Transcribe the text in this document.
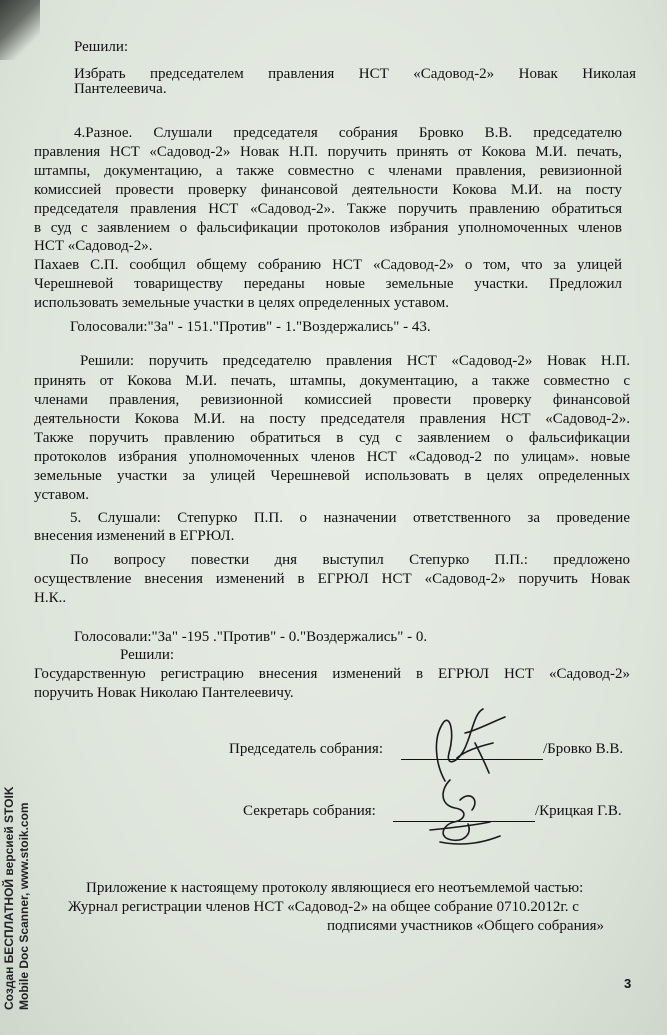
Решили:
Избрать председателем правления НСТ «Садовод-2» Новак Николая
Пантелеевича.
4.Разное. Слушали председателя собрания Бровко В.В. председателю
правления НСТ «Садовод-2» Новак Н.П. поручить принять от Кокова М.И. печать,
штампы, документацию, а также совместно с членами правления, ревизионной
комиссией провести проверку финансовой деятельности Кокова М.И. на посту
председателя правления НСТ «Садовод-2». Также поручить правлению обратиться
в суд с заявлением о фальсификации протоколов избрания уполномоченных членов
НСТ «Садовод-2».
Пахаев С.П. сообщил общему собранию НСТ «Садовод-2» о том, что за улицей
Черешневой товариществу переданы новые земельные участки. Предложил
использовать земельные участки в целях определенных уставом.
Голосовали:"За" - 151."Против" - 1."Воздержались" - 43.
Решили: поручить председателю правления НСТ «Садовод-2» Новак Н.П.
принять от Кокова М.И. печать, штампы, документацию, а также совместно с
членами правления, ревизионной комиссией провести проверку финансовой
деятельности Кокова М.И. на посту председателя правления НСТ «Садовод-2».
Также поручить правлению обратиться в суд с заявлением о фальсификации
протоколов избрания уполномоченных членов НСТ «Садовод-2 по улицам». новые
земельные участки за улицей Черешневой использовать в целях определенных
уставом.
5. Слушали: Степурко П.П. о назначении ответственного за проведение
внесения изменений в ЕГРЮЛ.
По вопросу повестки дня выступил Степурко П.П.: предложено
осуществление внесения изменений в ЕГРЮЛ НСТ «Садовод-2» поручить Новак
Н.К..
Голосовали:"За" -195 ."Против" - 0."Воздержались" - 0.
Решили:
Государственную регистрацию внесения изменений в ЕГРЮЛ НСТ «Садовод-2»
поручить Новак Николаю Пантелеевичу.
Председатель собрания:	/Бровко В.В.
Секретарь собрания:	/Крицкая Г.В.
Приложение к настоящему протоколу являющиеся его неотъемлемой частью:
Журнал регистрации членов НСТ «Садовод-2» на общее собрание 0710.2012г. с
подписями участников «Общего собрания»
3
Создан БЕСПЛАТНОЙ версией STOIK Mobile Doc Scanner, www.stoik.com
